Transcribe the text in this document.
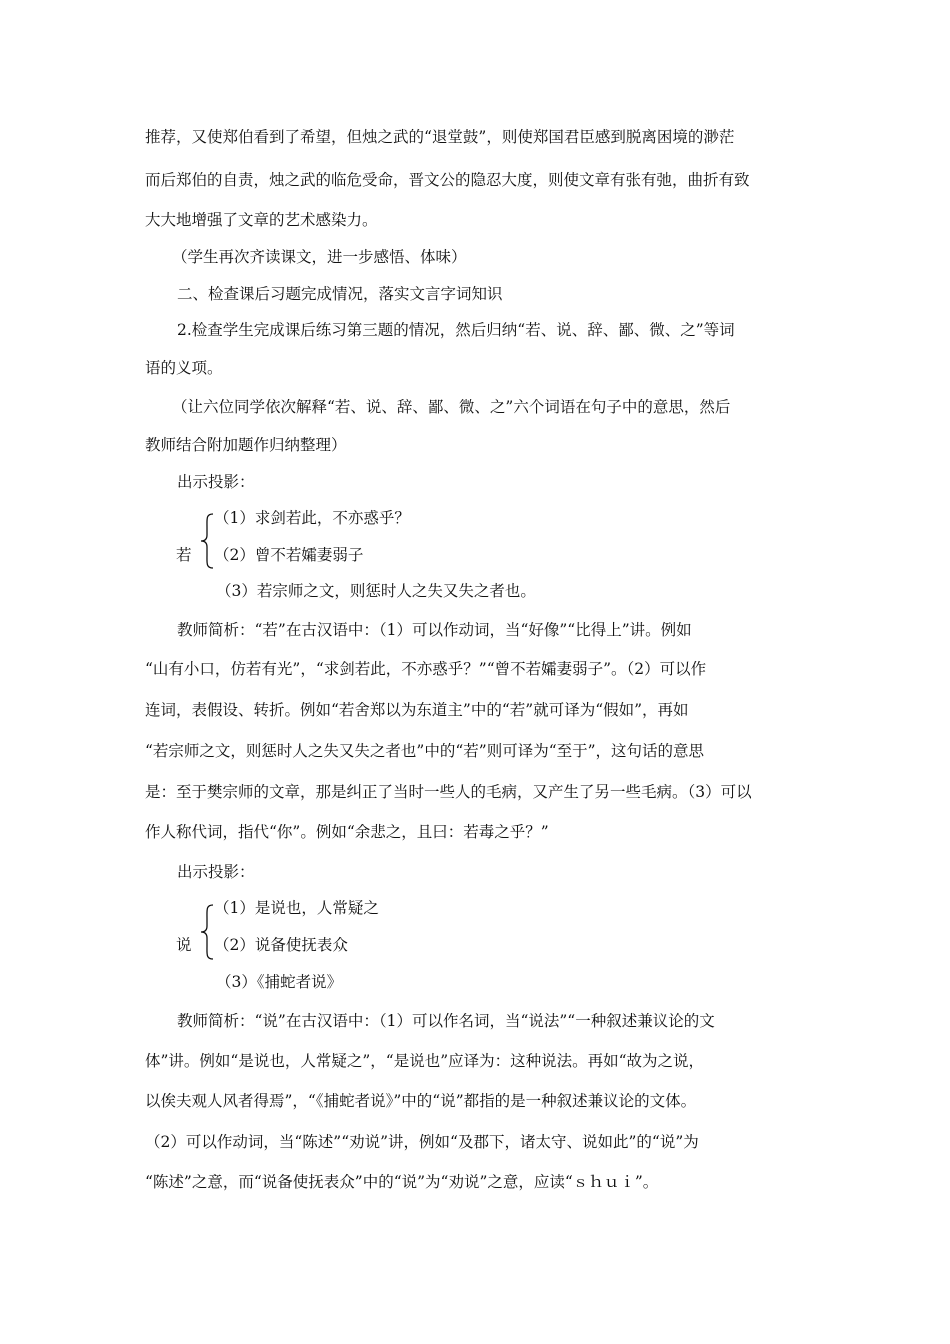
推荐，又使郑伯看到了希望，但烛之武的“退堂鼓”，则使郑国君臣感到脱离困境的渺茫
而后郑伯的自责，烛之武的临危受命，晋文公的隐忍大度，则使文章有张有弛，曲折有致
大大地增强了文章的艺术感染力。
（学生再次齐读课文，进一步感悟、体味）
二、检查课后习题完成情况，落实文言字词知识
2.检查学生完成课后练习第三题的情况，然后归纳“若、说、辞、鄙、微、之”等词
语的义项。
（让六位同学依次解释“若、说、辞、鄙、微、之”六个词语在句子中的意思，然后
教师结合附加题作归纳整理）
出示投影：
若
（1）求剑若此，不亦惑乎？
（2）曾不若孀妻弱子
（3）若宗师之文，则惩时人之失又失之者也。
教师简析：“若”在古汉语中：（1）可以作动词，当“好像”“比得上”讲。例如
“山有小口，仿若有光”，“求剑若此，不亦惑乎？”“曾不若孀妻弱子”。（2）可以作
连词，表假设、转折。例如“若舍郑以为东道主”中的“若”就可译为“假如”，再如
“若宗师之文，则惩时人之失又失之者也”中的“若”则可译为“至于”，这句话的意思
是：至于樊宗师的文章，那是纠正了当时一些人的毛病，又产生了另一些毛病。（3）可以
作人称代词，指代“你”。例如“余悲之，且曰：若毒之乎？”
出示投影：
说
（1）是说也，人常疑之
（2）说备使抚表众
（3）《捕蛇者说》
教师简析：“说”在古汉语中：（1）可以作名词，当“说法”“一种叙述兼议论的文
体”讲。例如“是说也，人常疑之”，“是说也”应译为：这种说法。再如“故为之说，
以俟夫观人风者得焉”，“《捕蛇者说》”中的“说”都指的是一种叙述兼议论的文体。
（2）可以作动词，当“陈述”“劝说”讲，例如“及郡下，诸太守、说如此”的“说”为
“陈述”之意，而“说备使抚表众”中的“说”为“劝说”之意，应读“ｓｈｕｉ”。
